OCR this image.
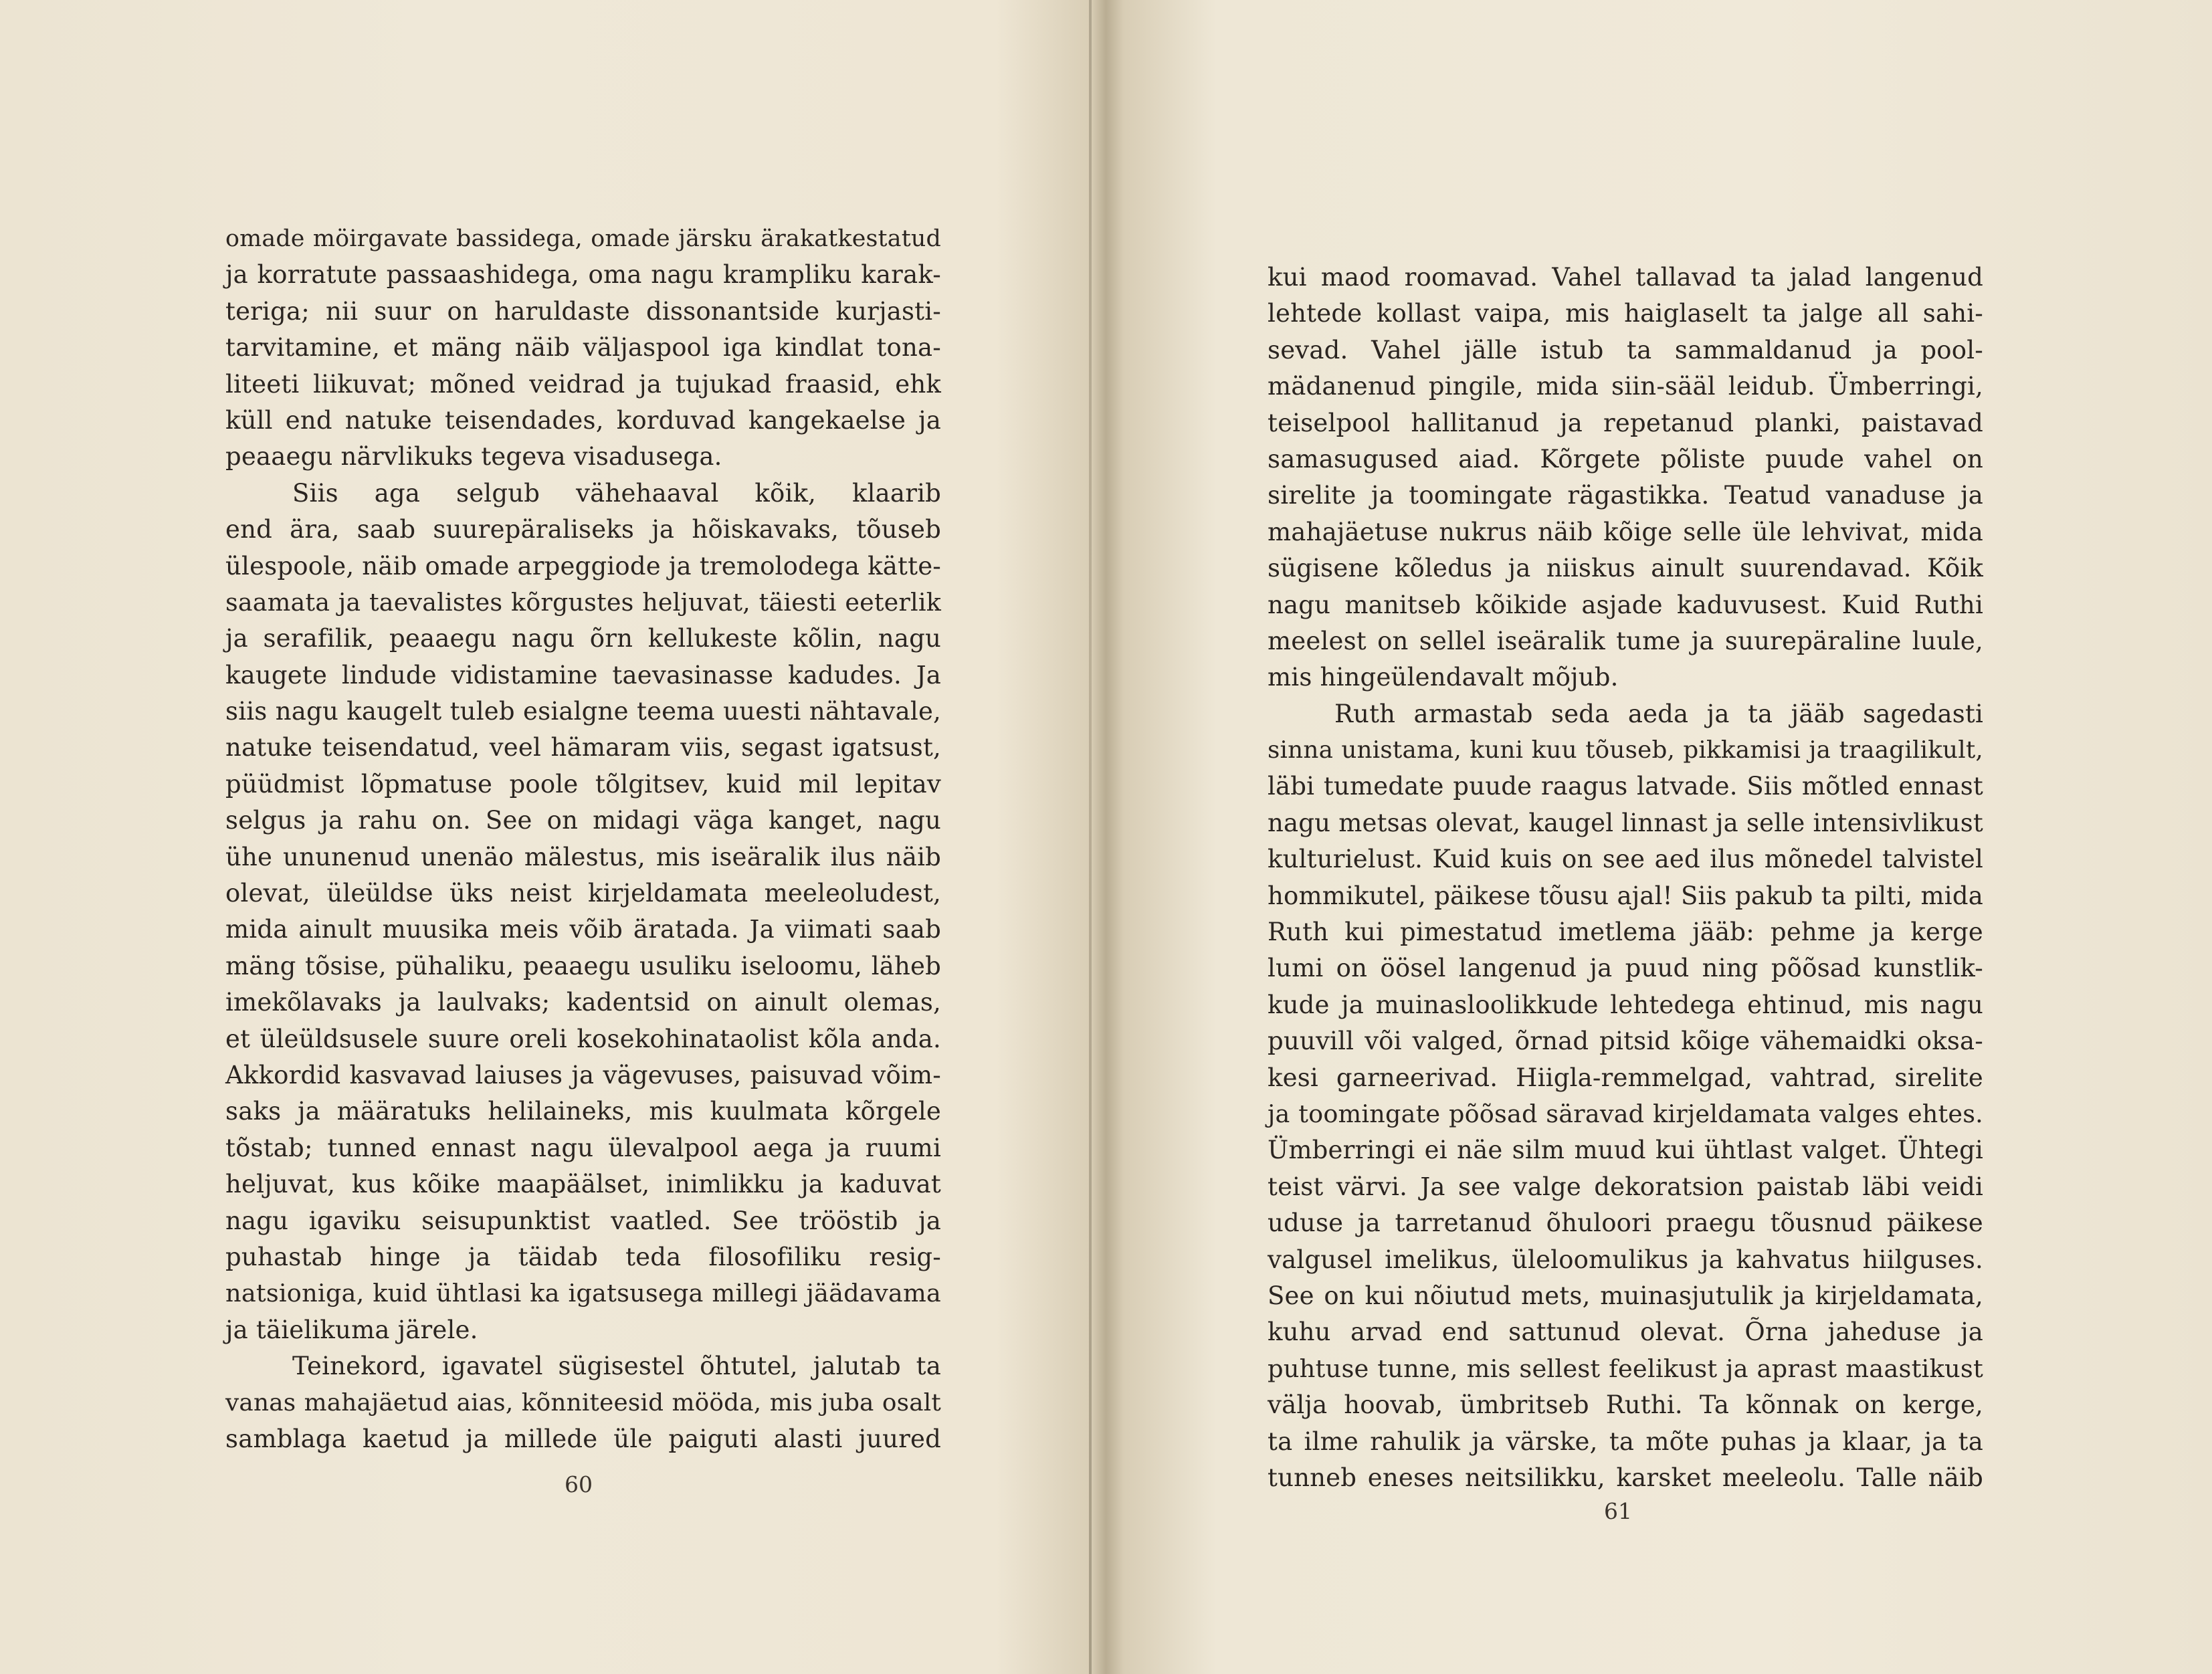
omade möirgavate bassidega, omade järsku ärakatkestatud
ja korratute passaashidega, oma nagu krampliku karak-
teriga; nii suur on haruldaste dissonantside kurjasti-
tarvitamine, et mäng näib väljaspool iga kindlat tona-
liteeti liikuvat; mõned veidrad ja tujukad fraasid, ehk
küll end natuke teisendades, korduvad kangekaelse ja
peaaegu närvlikuks tegeva visadusega.
Siis aga selgub vähehaaval kõik, klaarib
end ära, saab suurepäraliseks ja hõiskavaks, tõuseb
ülespoole, näib omade arpeggiode ja tremolodega kätte-
saamata ja taevalistes kõrgustes heljuvat, täiesti eeterlik
ja serafilik, peaaegu nagu õrn kellukeste kõlin, nagu
kaugete lindude vidistamine taevasinasse kadudes. Ja
siis nagu kaugelt tuleb esialgne teema uuesti nähtavale,
natuke teisendatud, veel hämaram viis, segast igatsust,
püüdmist lõpmatuse poole tõlgitsev, kuid mil lepitav
selgus ja rahu on. See on midagi väga kanget, nagu
ühe ununenud unenäo mälestus, mis iseäralik ilus näib
olevat, üleüldse üks neist kirjeldamata meeleoludest,
mida ainult muusika meis võib äratada. Ja viimati saab
mäng tõsise, pühaliku, peaaegu usuliku iseloomu, läheb
imekõlavaks ja laulvaks; kadentsid on ainult olemas,
et üleüldsusele suure oreli kosekohinataolist kõla anda.
Akkordid kasvavad laiuses ja vägevuses, paisuvad võim-
saks ja määratuks helilaineks, mis kuulmata kõrgele
tõstab; tunned ennast nagu ülevalpool aega ja ruumi
heljuvat, kus kõike maapäälset, inimlikku ja kaduvat
nagu igaviku seisupunktist vaatled. See trööstib ja
puhastab hinge ja täidab teda filosofiliku resig-
natsioniga, kuid ühtlasi ka igatsusega millegi jäädavama
ja täielikuma järele.
Teinekord, igavatel sügisestel õhtutel, jalutab ta
vanas mahajäetud aias, kõnniteesid mööda, mis juba osalt
samblaga kaetud ja millede üle paiguti alasti juured
60
kui maod roomavad. Vahel tallavad ta jalad langenud
lehtede kollast vaipa, mis haiglaselt ta jalge all sahi-
sevad. Vahel jälle istub ta sammaldanud ja pool-
mädanenud pingile, mida siin-sääl leidub. Ümberringi,
teiselpool hallitanud ja repetanud planki, paistavad
samasugused aiad. Kõrgete põliste puude vahel on
sirelite ja toomingate rägastikka. Teatud vanaduse ja
mahajäetuse nukrus näib kõige selle üle lehvivat, mida
sügisene kõledus ja niiskus ainult suurendavad. Kõik
nagu manitseb kõikide asjade kaduvusest. Kuid Ruthi
meelest on sellel iseäralik tume ja suurepäraline luule,
mis hingeülendavalt mõjub.
Ruth armastab seda aeda ja ta jääb sagedasti
sinna unistama, kuni kuu tõuseb, pikkamisi ja traagilikult,
läbi tumedate puude raagus latvade. Siis mõtled ennast
nagu metsas olevat, kaugel linnast ja selle intensivlikust
kulturielust. Kuid kuis on see aed ilus mõnedel talvistel
hommikutel, päikese tõusu ajal! Siis pakub ta pilti, mida
Ruth kui pimestatud imetlema jääb: pehme ja kerge
lumi on öösel langenud ja puud ning põõsad kunstlik-
kude ja muinasloolikkude lehtedega ehtinud, mis nagu
puuvill või valged, õrnad pitsid kõige vähemaidki oksa-
kesi garneerivad. Hiigla-remmelgad, vahtrad, sirelite
ja toomingate põõsad säravad kirjeldamata valges ehtes.
Ümberringi ei näe silm muud kui ühtlast valget. Ühtegi
teist värvi. Ja see valge dekoratsion paistab läbi veidi
uduse ja tarretanud õhuloori praegu tõusnud päikese
valgusel imelikus, üleloomulikus ja kahvatus hiilguses.
See on kui nõiutud mets, muinasjutulik ja kirjeldamata,
kuhu arvad end sattunud olevat. Õrna jaheduse ja
puhtuse tunne, mis sellest feelikust ja aprast maastikust
välja hoovab, ümbritseb Ruthi. Ta kõnnak on kerge,
ta ilme rahulik ja värske, ta mõte puhas ja klaar, ja ta
tunneb eneses neitsilikku, karsket meeleolu. Talle näib
61
